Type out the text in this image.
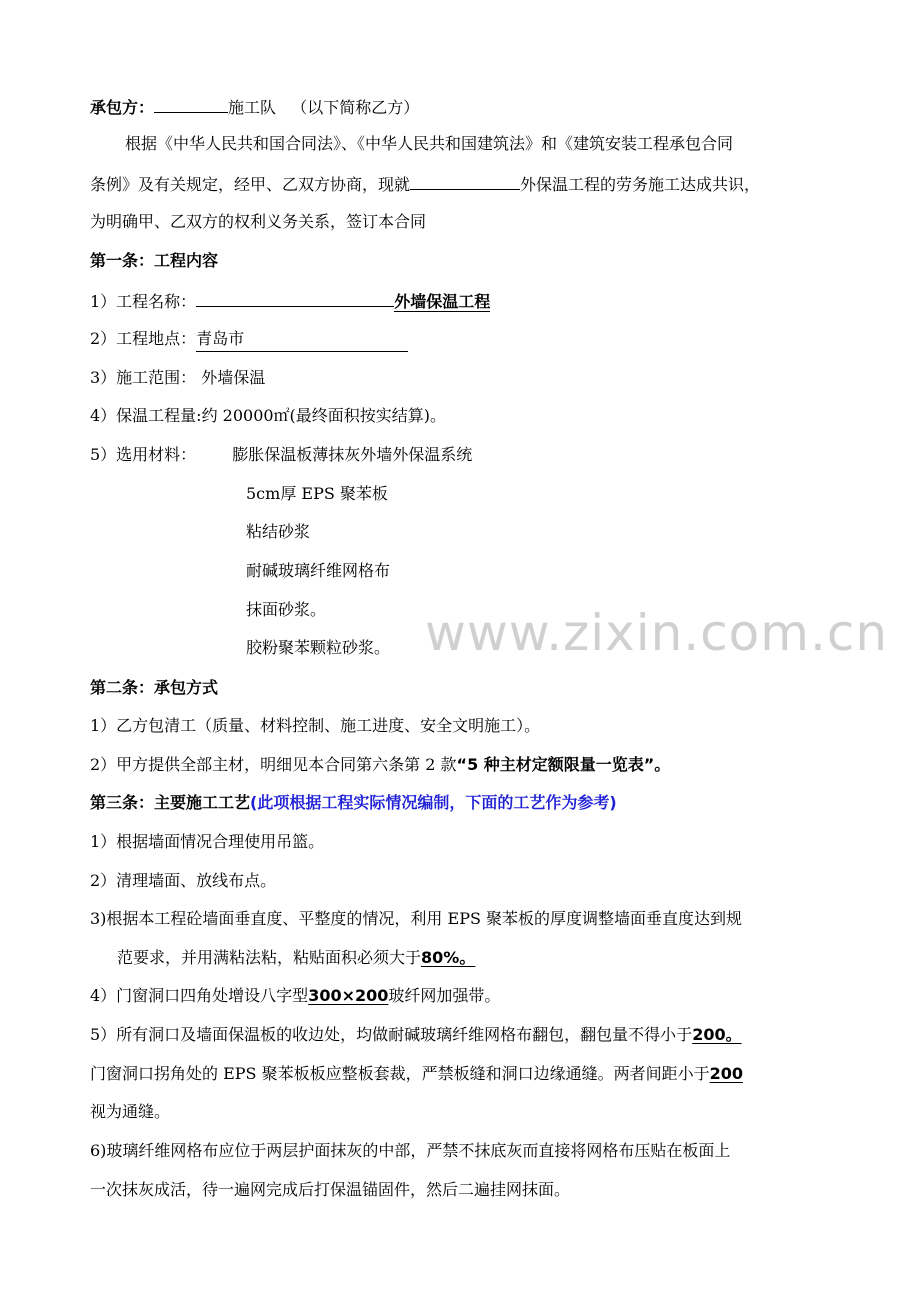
www.zixin.com.cn
承包方：	施工队 （以下简称乙方）
根据《中华人民共和国合同法》、《中华人民共和国建筑法》和《建筑安装工程承包合同
条例》及有关规定，经甲、乙双方协商，现就	外保温工程的劳务施工达成共识，
为明确甲、乙双方的权利义务关系，签订本合同
第一条：工程内容
1）工程名称：	外墙保温工程
2）工程地点：青岛市
3）施工范围： 外墙保温
4）保温工程量:约 20000㎡(最终面积按实结算)。
5）选用材料： 膨胀保温板薄抹灰外墙外保温系统
5cm厚 EPS 聚苯板
粘结砂浆
耐碱玻璃纤维网格布
抹面砂浆。
胶粉聚苯颗粒砂浆。
第二条：承包方式
1）乙方包清工（质量、材料控制、施工进度、安全文明施工）。
2）甲方提供全部主材，明细见本合同第六条第 2 款“5 种主材定额限量一览表”。
第三条：主要施工工艺(此项根据工程实际情况编制，下面的工艺作为参考)
1）根据墙面情况合理使用吊篮。
2）清理墙面、放线布点。
3)根据本工程砼墙面垂直度、平整度的情况，利用 EPS 聚苯板的厚度调整墙面垂直度达到规
范要求，并用满粘法粘，粘贴面积必须大于80%。
4）门窗洞口四角处增设八字型300×200玻纤网加强带。
5）所有洞口及墙面保温板的收边处，均做耐碱玻璃纤维网格布翻包，翻包量不得小于200。
门窗洞口拐角处的 EPS 聚苯板板应整板套裁，严禁板缝和洞口边缘通缝。两者间距小于200
视为通缝。
6)玻璃纤维网格布应位于两层护面抹灰的中部，严禁不抹底灰而直接将网格布压贴在板面上
一次抹灰成活，待一遍网完成后打保温锚固件，然后二遍挂网抹面。
